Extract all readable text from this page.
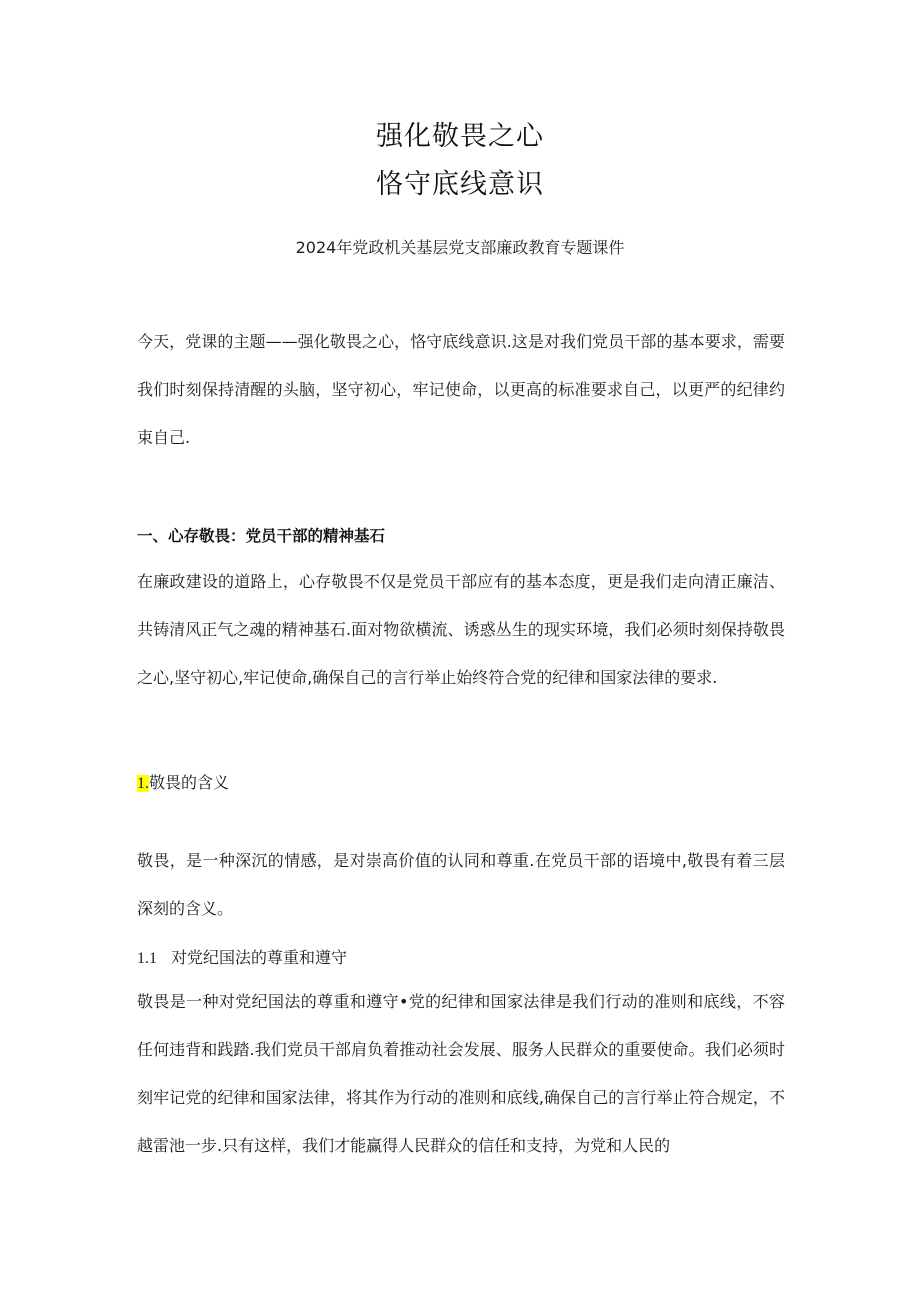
强化敬畏之心
恪守底线意识
2024年党政机关基层党支部廉政教育专题课件

今天，党课的主题——强化敬畏之心，恪守底线意识.这是对我们党员干部的基本要求，需要我们时刻保持清醒的头脑，坚守初心，牢记使命，以更高的标准要求自己，以更严的纪律约束自己.

一、心存敬畏：党员干部的精神基石

在廉政建设的道路上，心存敬畏不仅是党员干部应有的基本态度，更是我们走向清正廉洁、共铸清风正气之魂的精神基石.面对物欲横流、诱惑丛生的现实环境，我们必须时刻保持敬畏之心,坚守初心,牢记使命,确保自己的言行举止始终符合党的纪律和国家法律的要求.

1.敬畏的含义

敬畏，是一种深沉的情感，是对崇高价值的认同和尊重.在党员干部的语境中,敬畏有着三层深刻的含义。

1.1 对党纪国法的尊重和遵守

敬畏是一种对党纪国法的尊重和遵守•党的纪律和国家法律是我们行动的准则和底线，不容任何违背和践踏.我们党员干部肩负着推动社会发展、服务人民群众的重要使命。我们必须时刻牢记党的纪律和国家法律，将其作为行动的准则和底线,确保自己的言行举止符合规定，不越雷池一步.只有这样，我们才能赢得人民群众的信任和支持，为党和人民的
